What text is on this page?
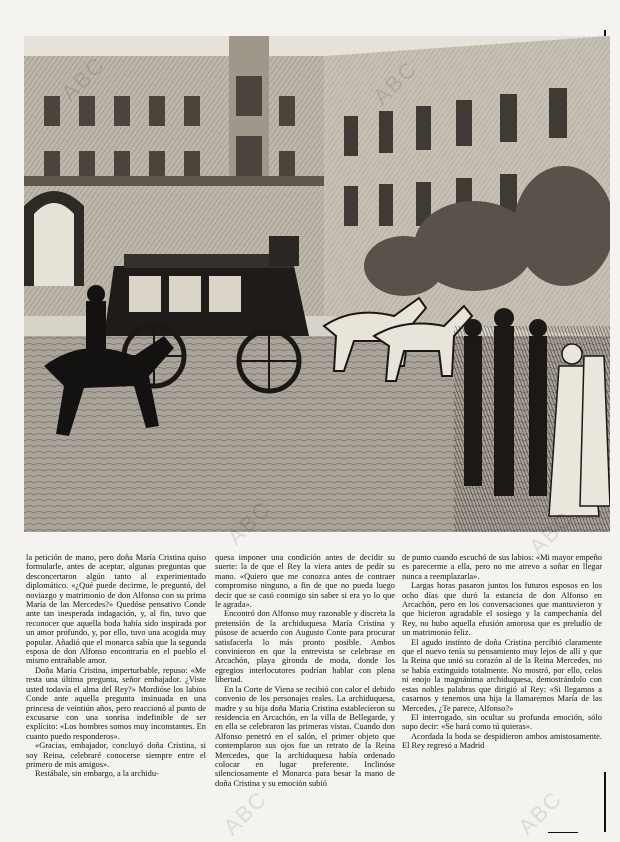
ABC
ABC	ABC

la petición de mano, pero doña María Cristina quiso formularle, antes de aceptar, algunas preguntas que desconcertaron algún tanto al experimentado diplomático. «¿Qué puede decirme, le preguntó, del noviazgo y matrimonio de don Alfonso con su prima María de las Mercedes?» Quedóse pensativo Conde ante tan inesperada indagación, y, al fin, tuvo que reconocer que aquella boda había sido inspirada por un amor profundo, y, por ello, tuvo una acogida muy popular. Añadió que el monarca sabía que la segunda esposa de don Alfonso encontraría en el pueblo el mismo entrañable amor.

Doña María Cristina, imperturbable, repuso: «Me resta una última pregunta, señor embajador. ¿Viste usted todavía el alma del Rey?» Mordióse los labios Conde ante aquella pregunta insinuada en una princesa de veintiún años, pero reaccionó al punto de excusarse con una sonrisa indefinible de ser explícito: «Los hombres somos muy inconstantes. En cuanto puedo responderos».

«Gracias, embajador, concluyó doña Cristina, si soy Reina, celebraré conocerse siempre entre el primero de mis amigos».

Restábale, sin embargo, a la archidu-

quesa imponer una condición antes de decidir su suerte: la de que el Rey la viera antes de pedir su mano. «Quiero que me conozca antes de contraer compromiso ninguno, a fin de que no pueda luego decir que se casó conmigo sin saber si era yo lo que le agrada».

Encontró don Alfonso muy razonable y discreta la pretensión de la archiduquesa María Cristina y púsose de acuerdo con Augusto Conte para procurar satisfacerla lo más pronto posible. Ambos convinieron en que la entrevista se celebrase en Arcachón, playa gironda de moda, donde los egregios interlocutores podrían hablar con plena libertad.

En la Corte de Viena se recibió con calor el debido convenio de los personajes reales. La archiduquesa, madre y su hija doña María Cristina establecieron su residencia en Arcachón, en la villa de Bellegarde, y en ella se celebraron las primeras vistas. Cuando don Alfonso penetró en el salón, el primer objeto que contemplaron sus ojos fue un retrato de la Reina Mercedes, que la archiduquesa había ordenado colocar en lugar preferente. Inclinóse silenciosamente el Monarca para besar la mano de doña Cristina y su emoción subió

de punto cuando escuchó de sus labios: «Mi mayor empeño es parecerme a ella, pero no me atrevo a soñar en llegar nunca a reemplazarla».

Largas horas pasaron juntos los futuros esposos en los ocho días que duró la estancia de don Alfonso en Arcachón, pero en los conversaciones que mantuvieron y que hicieron agradable el sosiego y la campechanía del Rey, no hubo aquella efusión amorosa que es preludio de un matrimonio feliz.

El agudo instinto de doña Cristina percibió claramente que el nuevo tenía su pensamiento muy lejos de allí y que la Reina que unió su corazón al de la Reina Mercedes, no se había extinguido totalmente. No mostró, por ello, celos ni enojo la magnánima archiduquesa, demostrándolo con estas nobles palabras que dirigió al Rey: «Si llegamos a casarnos y tenemos una hija la llamaremos María de las Mercedes, ¿Te parece, Alfonso?»

El interrogado, sin ocultar su profunda emoción, sólo supo decir: «Se hará como tú quieras».

Acordada la boda se despidieron ambos amistosamente. El Rey regresó a Madrid
